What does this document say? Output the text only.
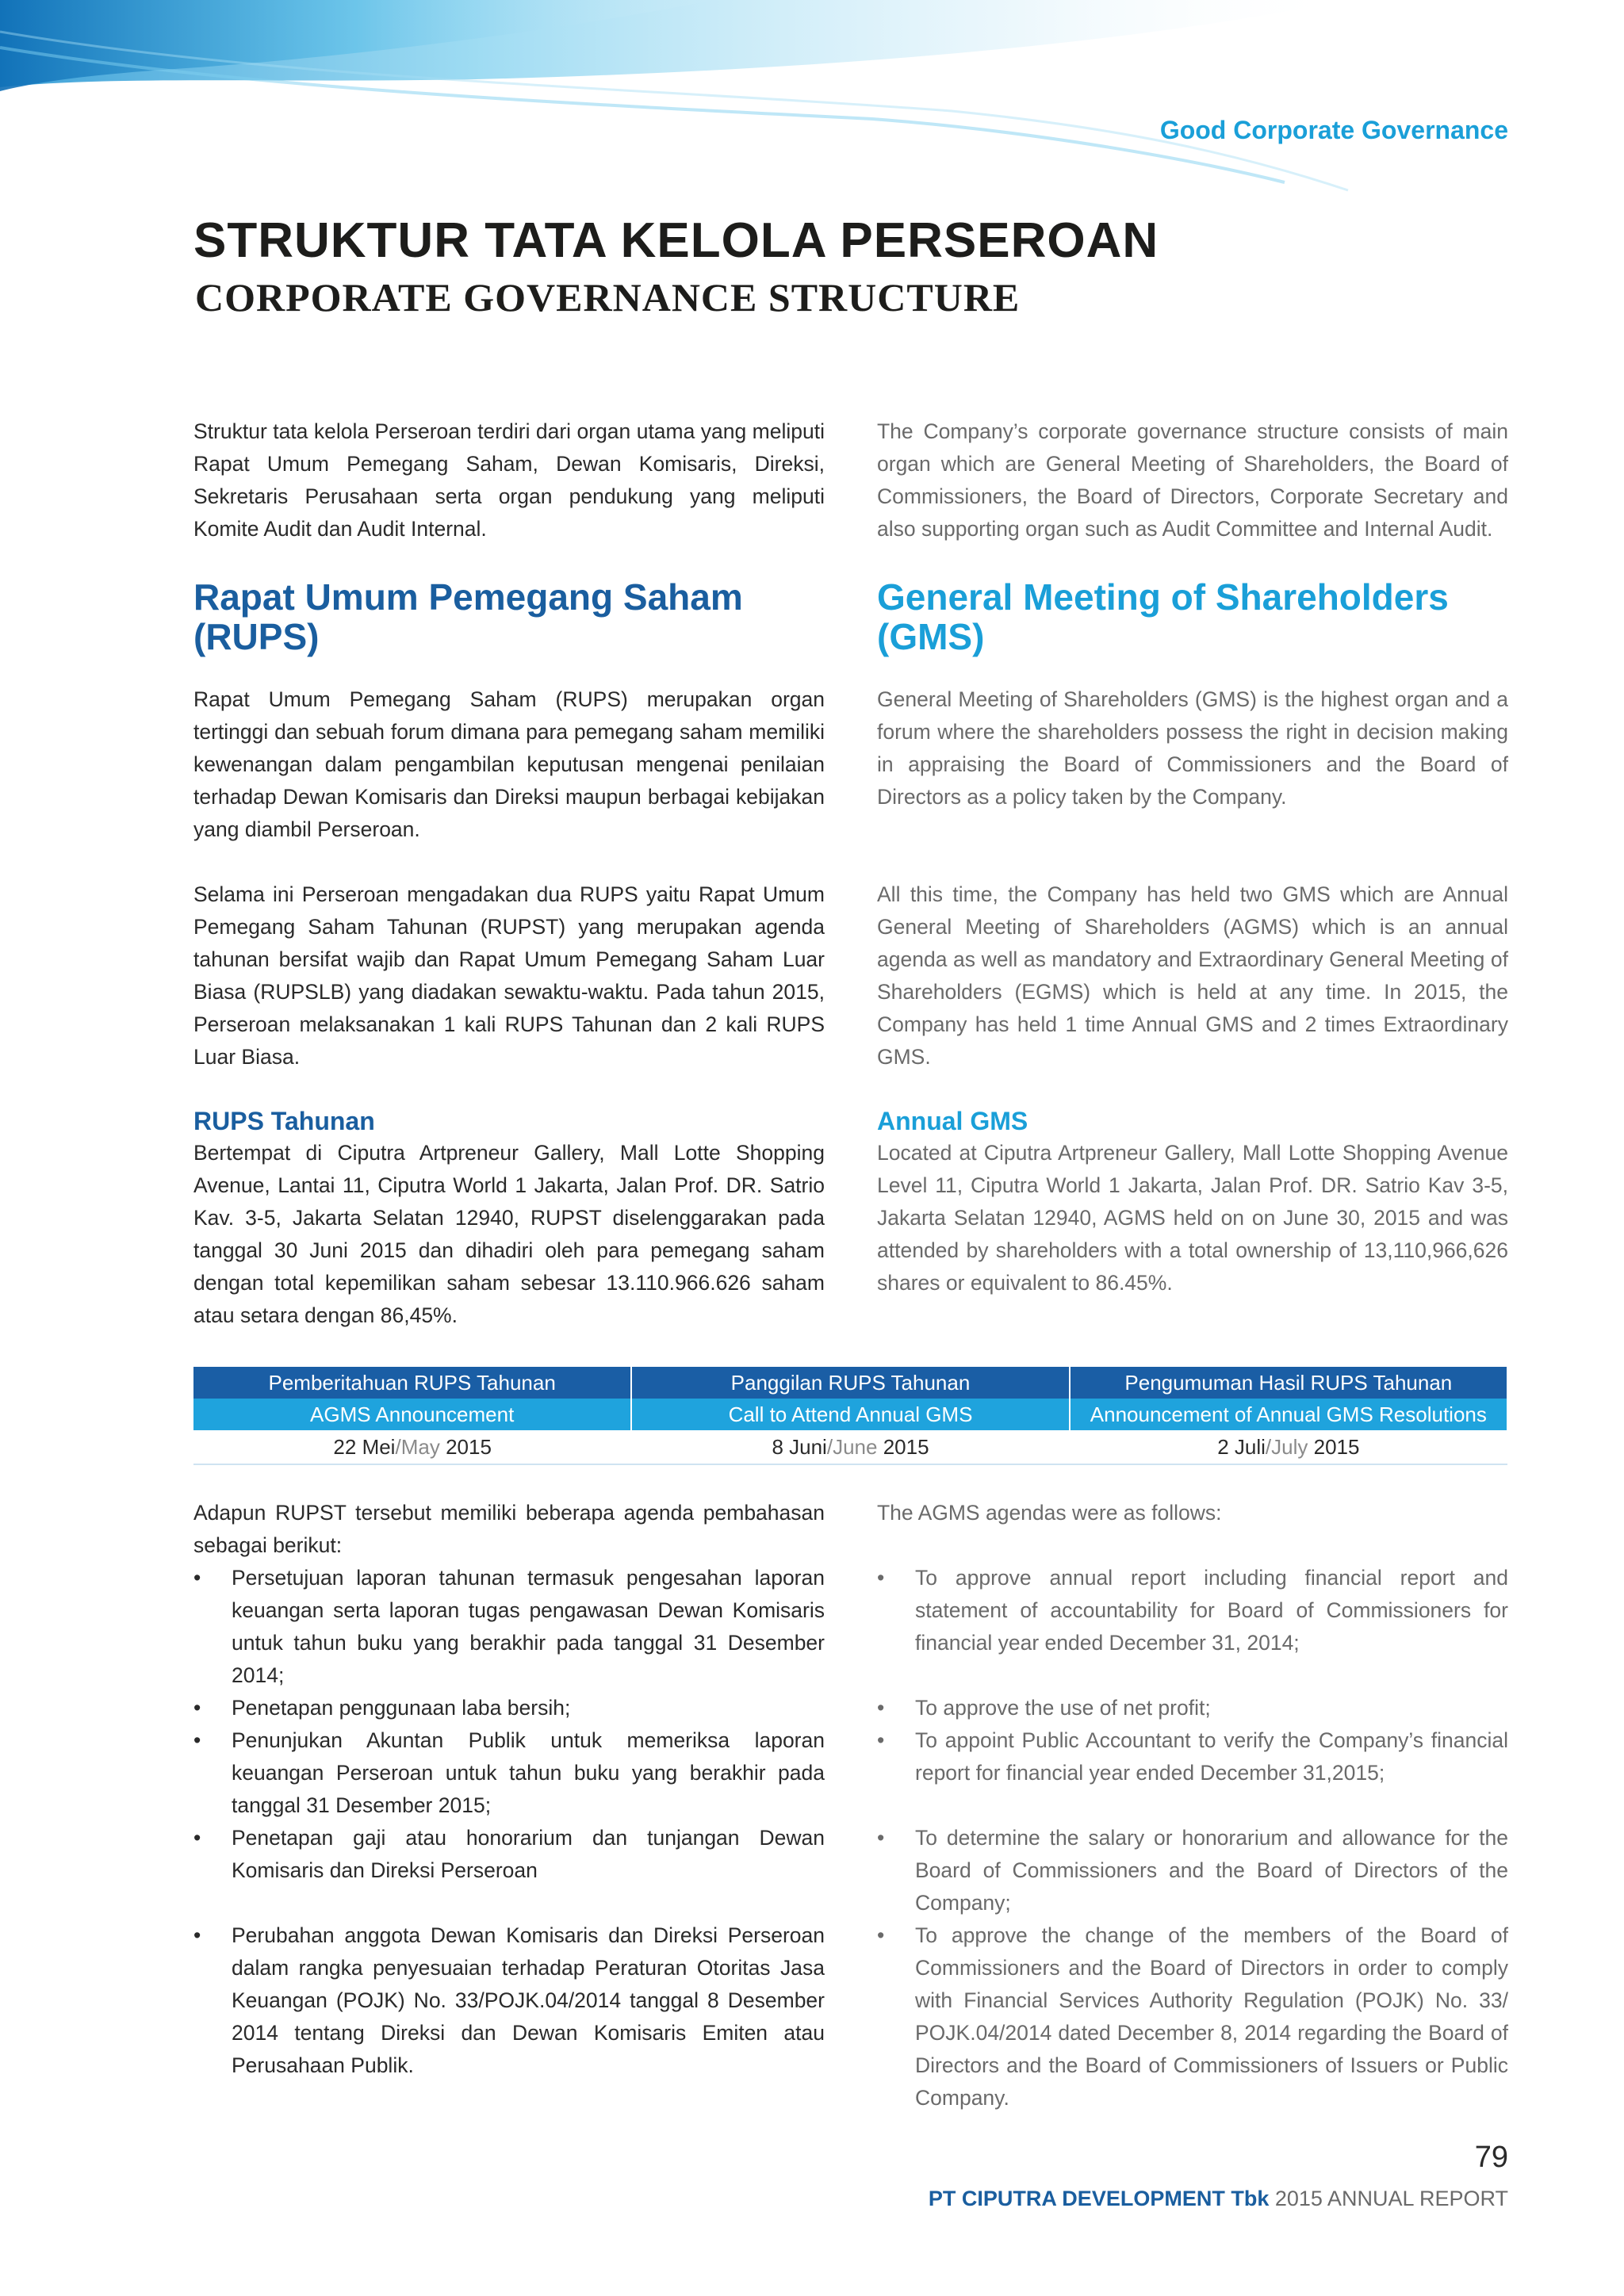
Good Corporate Governance
STRUKTUR TATA KELOLA PERSEROAN
CORPORATE GOVERNANCE STRUCTURE

Struktur tata kelola Perseroan terdiri dari organ utama yang meliputi Rapat Umum Pemegang Saham, Dewan Komisaris, Direksi, Sekretaris Perusahaan serta organ pendukung yang meliputi Komite Audit dan Audit Internal.

Rapat Umum Pemegang Saham
(RUPS)

Rapat Umum Pemegang Saham (RUPS) merupakan organ tertinggi dan sebuah forum dimana para pemegang saham memiliki kewenangan dalam pengambilan keputusan mengenai penilaian terhadap Dewan Komisaris dan Direksi maupun berbagai kebijakan yang diambil Perseroan.

Selama ini Perseroan mengadakan dua RUPS yaitu Rapat Umum Pemegang Saham Tahunan (RUPST) yang merupakan agenda tahunan bersifat wajib dan Rapat Umum Pemegang Saham Luar Biasa (RUPSLB) yang diadakan sewaktu-waktu. Pada tahun 2015, Perseroan melaksanakan 1 kali RUPS Tahunan dan 2 kali RUPS Luar Biasa.

RUPS Tahunan

Bertempat di Ciputra Artpreneur Gallery, Mall Lotte Shopping Avenue, Lantai 11, Ciputra World 1 Jakarta, Jalan Prof. DR. Satrio Kav. 3-5, Jakarta Selatan 12940, RUPST diselenggarakan pada tanggal 30 Juni 2015 dan dihadiri oleh para pemegang saham dengan total kepemilikan saham sebesar 13.110.966.626 saham atau setara dengan 86,45%.

The Company’s corporate governance structure consists of main organ which are General Meeting of Shareholders, the Board of Commissioners, the Board of Directors, Corporate Secretary and also supporting organ such as Audit Committee and Internal Audit.

General Meeting of Shareholders
(GMS)

General Meeting of Shareholders (GMS) is the highest organ and a forum where the shareholders possess the right in decision making in appraising the Board of Commissioners and the Board of Directors as a policy taken by the Company.

All this time, the Company has held two GMS which are Annual General Meeting of Shareholders (AGMS) which is an annual agenda as well as mandatory and Extraordinary General Meeting of Shareholders (EGMS) which is held at any time. In 2015, the Company has held 1 time Annual GMS and 2 times Extraordinary GMS.

Annual GMS

Located at Ciputra Artpreneur Gallery, Mall Lotte Shopping Avenue Level 11, Ciputra World 1 Jakarta, Jalan Prof. DR. Satrio Kav 3-5, Jakarta Selatan 12940, AGMS held on on June 30, 2015 and was attended by shareholders with a total ownership of 13,110,966,626 shares or equivalent to 86.45%.

Pemberitahuan RUPS Tahunan	Panggilan RUPS Tahunan	Pengumuman Hasil RUPS Tahunan
AGMS Announcement	Call to Attend Annual GMS	Announcement of Annual GMS Resolutions
22 Mei/May 2015	8 Juni/June 2015	2 Juli/July 2015

Adapun RUPST tersebut memiliki beberapa agenda pembahasan sebagai berikut:

• Persetujuan laporan tahunan termasuk pengesahan laporan keuangan serta laporan tugas pengawasan Dewan Komisaris untuk tahun buku yang berakhir pada tanggal 31 Desember 2014;
• Penetapan penggunaan laba bersih;
• Penunjukan Akuntan Publik untuk memeriksa laporan keuangan Perseroan untuk tahun buku yang berakhir pada tanggal 31 Desember 2015;
• Penetapan gaji atau honorarium dan tunjangan Dewan Komisaris dan Direksi Perseroan
• Perubahan anggota Dewan Komisaris dan Direksi Perseroan dalam rangka penyesuaian terhadap Peraturan Otoritas Jasa Keuangan (POJK) No. 33/POJK.04/2014 tanggal 8 Desember 2014 tentang Direksi dan Dewan Komisaris Emiten atau Perusahaan Publik.

The AGMS agendas were as follows:

• To approve annual report including financial report and statement of accountability for Board of Commissioners for financial year ended December 31, 2014;
• To approve the use of net profit;
• To appoint Public Accountant to verify the Company’s financial report for financial year ended December 31,2015;
• To determine the salary or honorarium and allowance for the Board of Commissioners and the Board of Directors of the Company;
• To approve the change of the members of the Board of Commissioners and the Board of Directors in order to comply with Financial Services Authority Regulation (POJK) No. 33/ POJK.04/2014 dated December 8, 2014 regarding the Board of Directors and the Board of Commissioners of Issuers or Public Company.
79
PT CIPUTRA DEVELOPMENT Tbk 2015 ANNUAL REPORT
